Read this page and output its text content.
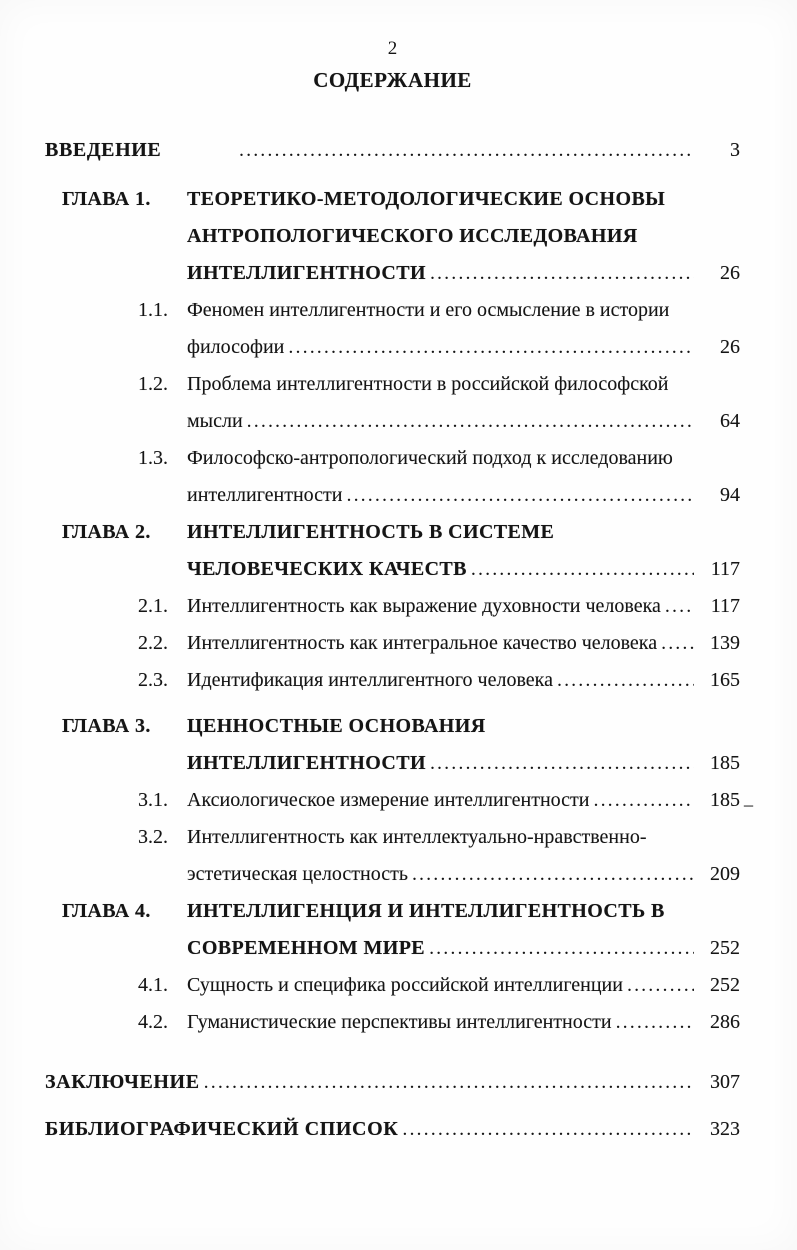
2
СОДЕРЖАНИЕ
ВВЕДЕНИЕ .....	3
ГЛАВА 1.	ТЕОРЕТИКО-МЕТОДОЛОГИЧЕСКИЕ ОСНОВЫ
АНТРОПОЛОГИЧЕСКОГО ИССЛЕДОВАНИЯ
ИНТЕЛЛИГЕНТНОСТИ .....	26
1.1. Феномен интеллигентности и его осмысление в истории
философии .....	26
1.2. Проблема интеллигентности в российской философской
мысли .....	64
1.3. Философско-антропологический подход к исследованию
интеллигентности .....	94
ГЛАВА 2.	ИНТЕЛЛИГЕНТНОСТЬ В СИСТЕМЕ
ЧЕЛОВЕЧЕСКИХ КАЧЕСТВ .....	117
2.1. Интеллигентность как выражение духовности человека .....	117
2.2. Интеллигентность как интегральное качество человека .....	139
2.3. Идентификация интеллигентного человека .....	165
ГЛАВА 3.	ЦЕННОСТНЫЕ ОСНОВАНИЯ
ИНТЕЛЛИГЕНТНОСТИ .....	185
3.1. Аксиологическое измерение интеллигентности .....	185 _
3.2. Интеллигентность как интеллектуально-нравственно-
эстетическая целостность .....	209
ГЛАВА 4.	ИНТЕЛЛИГЕНЦИЯ И ИНТЕЛЛИГЕНТНОСТЬ В
СОВРЕМЕННОМ МИРЕ .....	252
4.1. Сущность и специфика российской интеллигенции .....	252
4.2. Гуманистические перспективы интеллигентности .....	286
ЗАКЛЮЧЕНИЕ .....	307
БИБЛИОГРАФИЧЕСКИЙ СПИСОК .....	323
